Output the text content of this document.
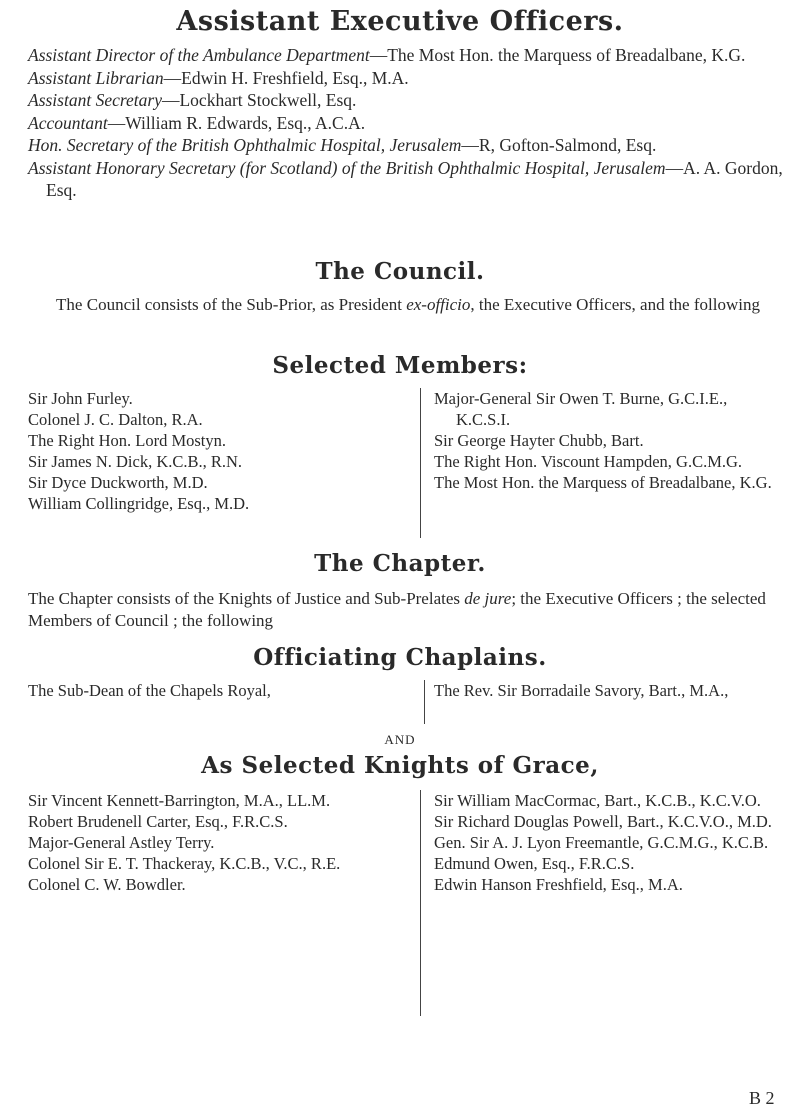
Assistant Executive Officers.

Assistant Director of the Ambulance Department—The Most Hon. the Marquess of Breadalbane, K.G.

Assistant Librarian—Edwin H. Freshfield, Esq., M.A.

Assistant Secretary—Lockhart Stockwell, Esq.

Accountant—William R. Edwards, Esq., A.C.A.

Hon. Secretary of the British Ophthalmic Hospital, Jerusalem—R, Gofton-Salmond, Esq.

Assistant Honorary Secretary (for Scotland) of the British Ophthalmic Hospital, Jerusalem—A. A. Gordon, Esq.

The Council.

The Council consists of the Sub-Prior, as President ex-officio, the Executive Officers, and the following

Selected Members:

Sir John Furley.

Colonel J. C. Dalton, R.A.

The Right Hon. Lord Mostyn.

Sir James N. Dick, K.C.B., R.N.

Sir Dyce Duckworth, M.D.

William Collingridge, Esq., M.D.

Major-General Sir Owen T. Burne, G.C.I.E., K.C.S.I.

Sir George Hayter Chubb, Bart.

The Right Hon. Viscount Hampden, G.C.M.G.

The Most Hon. the Marquess of Breadalbane, K.G.

The Chapter.

The Chapter consists of the Knights of Justice and Sub-Prelates de jure; the Executive Officers ; the selected Members of Council ; the following

Officiating Chaplains.

The Sub-Dean of the Chapels Royal,	The Rev. Sir Borradaile Savory, Bart., M.A.,

AND
As Selected Knights of Grace,

Sir Vincent Kennett-Barrington, M.A., LL.M.

Robert Brudenell Carter, Esq., F.R.C.S.

Major-General Astley Terry.

Colonel Sir E. T. Thackeray, K.C.B., V.C., R.E.

Colonel C. W. Bowdler.

Sir William MacCormac, Bart., K.C.B., K.C.V.O.

Sir Richard Douglas Powell, Bart., K.C.V.O., M.D.

Gen. Sir A. J. Lyon Freemantle, G.C.M.G., K.C.B.

Edmund Owen, Esq., F.R.C.S.

Edwin Hanson Freshfield, Esq., M.A.

B 2
